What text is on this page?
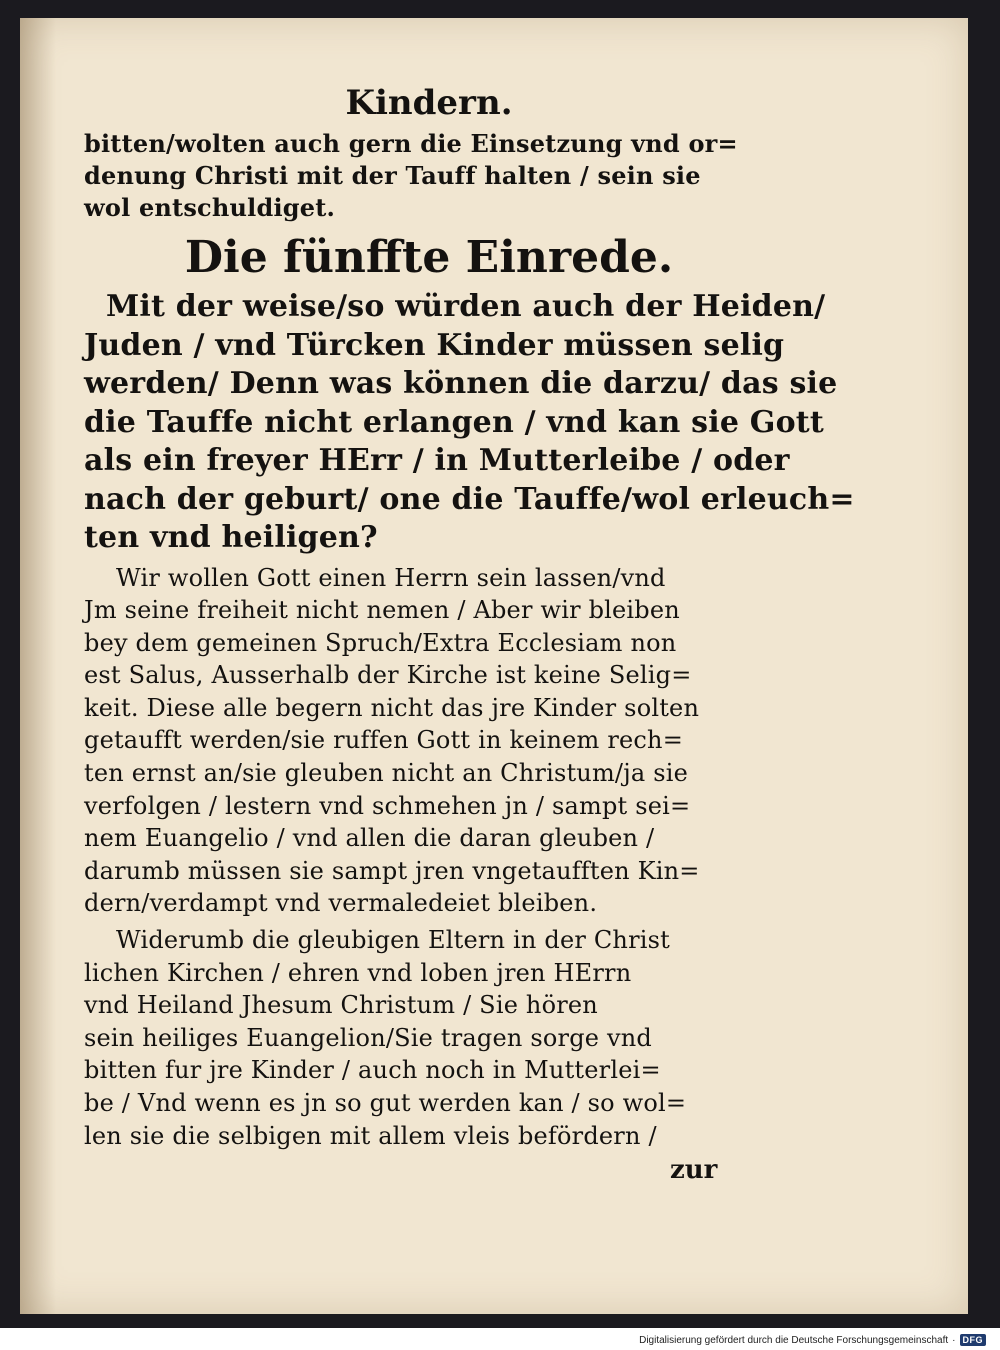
Kindern.
bitten/wolten auch gern die Einsetzung vnd or=
denung Christi mit der Tauff halten / sein sie
wol entschuldiget.
Die fünffte Einrede.
Mit der weise/so würden auch der Heiden/
Juden / vnd Türcken Kinder müssen selig
werden/ Denn was können die darzu/ das sie
die Tauffe nicht erlangen / vnd kan sie Gott
als ein freyer HErr / in Mutterleibe / oder
nach der geburt/ one die Tauffe/wol erleuch=
ten vnd heiligen?
Wir wollen Gott einen Herrn sein lassen/vnd
Jm seine freiheit nicht nemen / Aber wir bleiben
bey dem gemeinen Spruch/Extra Ecclesiam non
est Salus, Ausserhalb der Kirche ist keine Selig=
keit. Diese alle begern nicht das jre Kinder solten
getaufft werden/sie ruffen Gott in keinem rech=
ten ernst an/sie gleuben nicht an Christum/ja sie
verfolgen / lestern vnd schmehen jn / sampt sei=
nem Euangelio / vnd allen die daran gleuben /
darumb müssen sie sampt jren vngetaufften Kin=
dern/verdampt vnd vermaledeiet bleiben.
Widerumb die gleubigen Eltern in der Christ
lichen Kirchen / ehren vnd loben jren HErrn
vnd Heiland Jhesum Christum / Sie hören
sein heiliges Euangelion/Sie tragen sorge vnd
bitten fur jre Kinder / auch noch in Mutterlei=
be / Vnd wenn es jn so gut werden kan / so wol=
len sie die selbigen mit allem vleis befördern /
zur
Digitalisierung gefördert durch die Deutsche Forschungsgemeinschaft · DFG
